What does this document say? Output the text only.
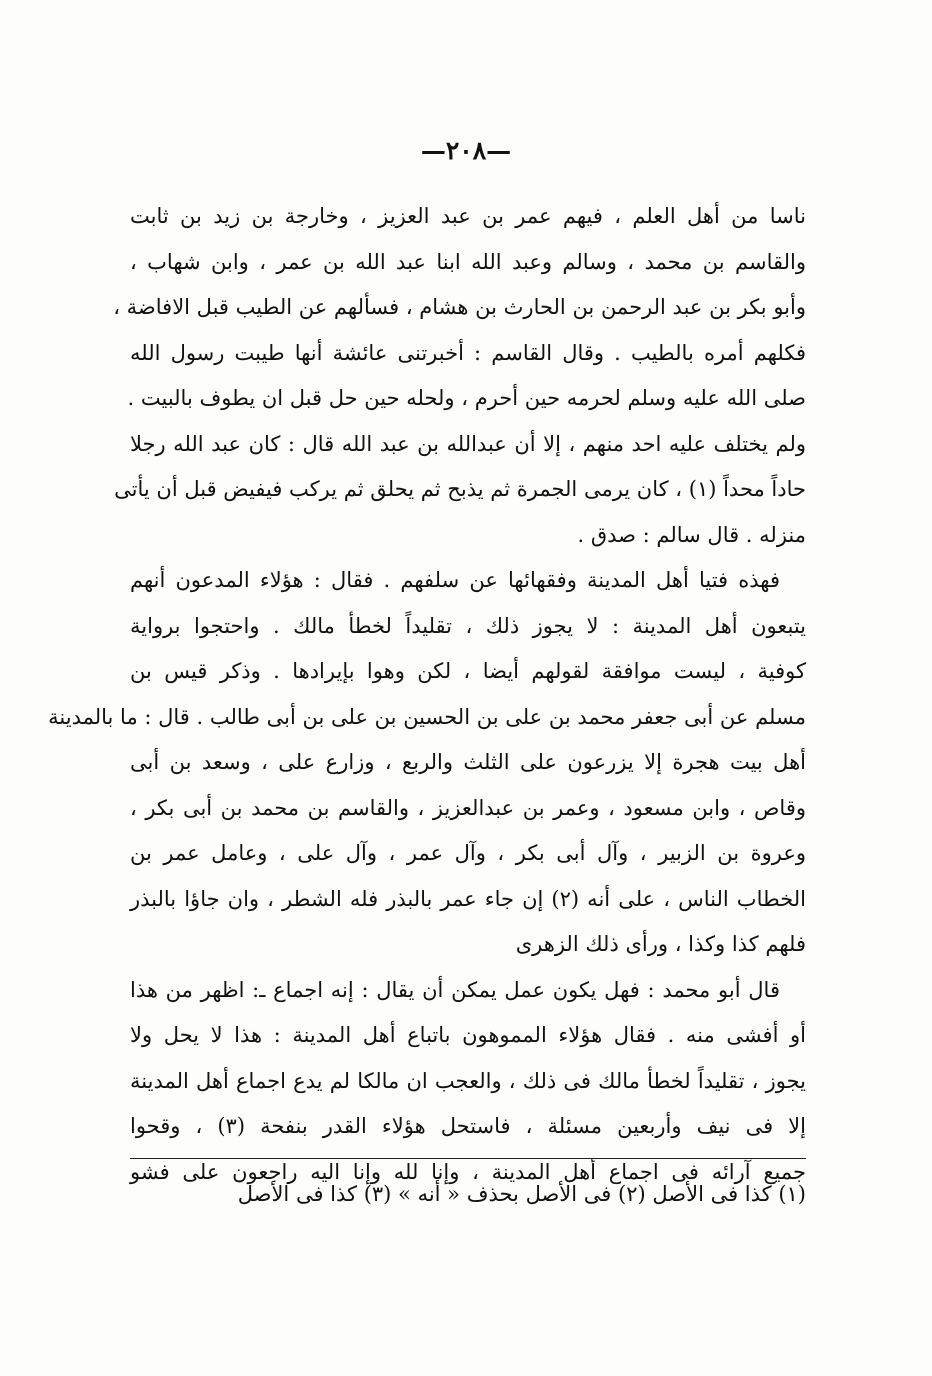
—٢٠٨—
ناسا من أهل العلم ، فيهم عمر بن عبد العزيز ، وخارجة بن زيد بن ثابت
والقاسم بن محمد ، وسالم وعبد الله ابنا عبد الله بن عمر ، وابن شهاب ،
وأبو بكر بن عبد الرحمن بن الحارث بن هشام ، فسألهم عن الطيب قبل الافاضة ،
فكلهم أمره بالطيب . وقال القاسم : أخبرتنى عائشة أنها طيبت رسول الله
صلى الله عليه وسلم لحرمه حين أحرم ، ولحله حين حل قبل ان يطوف بالبيت .
ولم يختلف عليه احد منهم ، إلا أن عبدالله بن عبد الله قال : كان عبد الله رجلا
حاداً محداً (١) ، كان يرمى الجمرة ثم يذبح ثم يحلق ثم يركب فيفيض قبل أن يأتى
منزله . قال سالم : صدق .
فهذه فتيا أهل المدينة وفقهائها عن سلفهم . فقال : هؤلاء المدعون أنهم
يتبعون أهل المدينة : لا يجوز ذلك ، تقليداً لخطأ مالك . واحتجوا برواية
كوفية ، ليست موافقة لقولهم أيضا ، لكن وهوا بإيرادها . وذكر قيس بن
مسلم عن أبى جعفر محمد بن على بن الحسين بن على بن أبى طالب . قال : ما بالمدينة
أهل بيت هجرة إلا يزرعون على الثلث والربع ، وزارع على ، وسعد بن أبى
وقاص ، وابن مسعود ، وعمر بن عبدالعزيز ، والقاسم بن محمد بن أبى بكر ،
وعروة بن الزبير ، وآل أبى بكر ، وآل عمر ، وآل على ، وعامل عمر بن
الخطاب الناس ، على أنه (٢) إن جاء عمر بالبذر فله الشطر ، وان جاؤا بالبذر
فلهم كذا وكذا ، ورأى ذلك الزهرى
قال أبو محمد : فهل يكون عمل يمكن أن يقال : إنه اجماع ـ: اظهر من هذا
أو أفشى منه . فقال هؤلاء المموهون باتباع أهل المدينة : هذا لا يحل ولا
يجوز ، تقليداً لخطأ مالك فى ذلك ، والعجب ان مالكا لم يدع اجماع أهل المدينة
إلا فى نيف وأربعين مسئلة ، فاستحل هؤلاء القدر بنفحة (٣) ، وقحوا
جميع آرائه فى اجماع أهل المدينة ، وإنا لله وإنا اليه راجعون على فشو
(١) كذا فى الأصل (٢) فى الأصل بحذف « أنه » (٣) كذا فى الأصل
